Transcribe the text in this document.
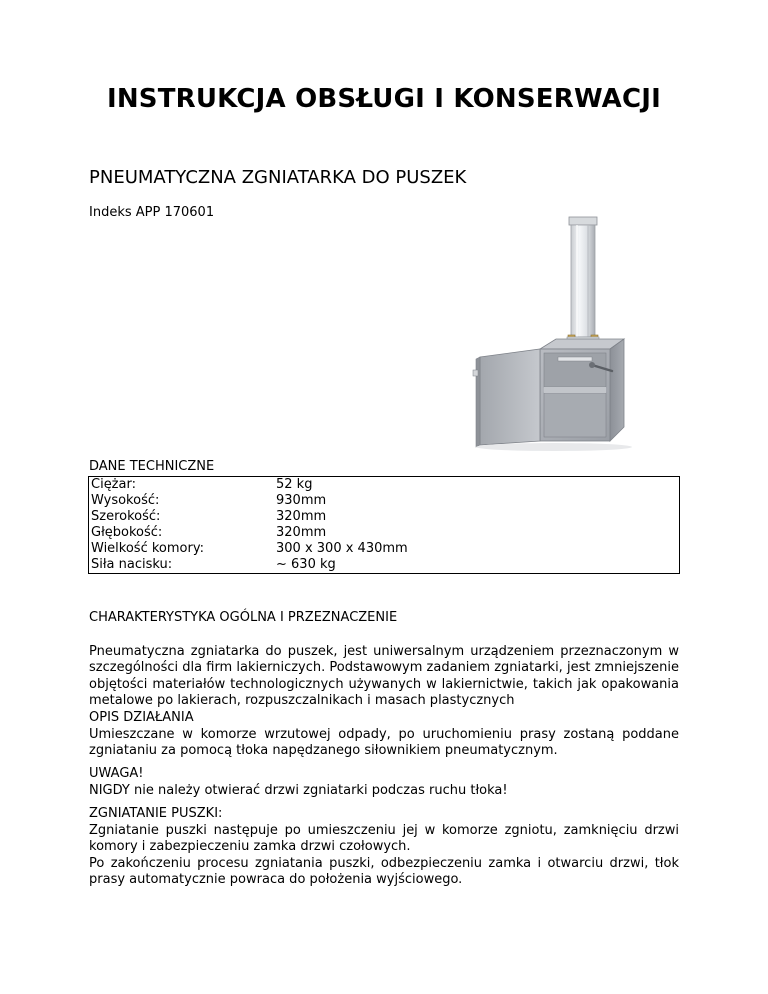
INSTRUKCJA OBSŁUGI I KONSERWACJI
PNEUMATYCZNA ZGNIATARKA DO PUSZEK
Indeks APP 170601
DANE TECHNICZNE
Ciężar:	52 kg
Wysokość:	930mm
Szerokość:	320mm
Głębokość:	320mm
Wielkość komory:	300 x 300 x 430mm
Siła nacisku:	~ 630 kg
CHARAKTERYSTYKA OGÓLNA I PRZEZNACZENIE

Pneumatyczna zgniatarka do puszek, jest uniwersalnym urządzeniem przeznaczonym w szczególności dla firm lakierniczych. Podstawowym zadaniem zgniatarki, jest zmniejszenie objętości materiałów technologicznych używanych w lakiernictwie, takich jak opakowania metalowe po lakierach, rozpuszczalnikach i masach plastycznych

OPIS DZIAŁANIA

Umieszczane w komorze wrzutowej odpady, po uruchomieniu prasy zostaną poddane zgniataniu za pomocą tłoka napędzanego siłownikiem pneumatycznym.

UWAGA!

NIGDY nie należy otwierać drzwi zgniatarki podczas ruchu tłoka!

ZGNIATANIE PUSZKI:

Zgniatanie puszki następuje po umieszczeniu jej w komorze zgniotu, zamknięciu drzwi komory i zabezpieczeniu zamka drzwi czołowych.

Po zakończeniu procesu zgniatania puszki, odbezpieczeniu zamka i otwarciu drzwi, tłok prasy automatycznie powraca do położenia wyjściowego.
